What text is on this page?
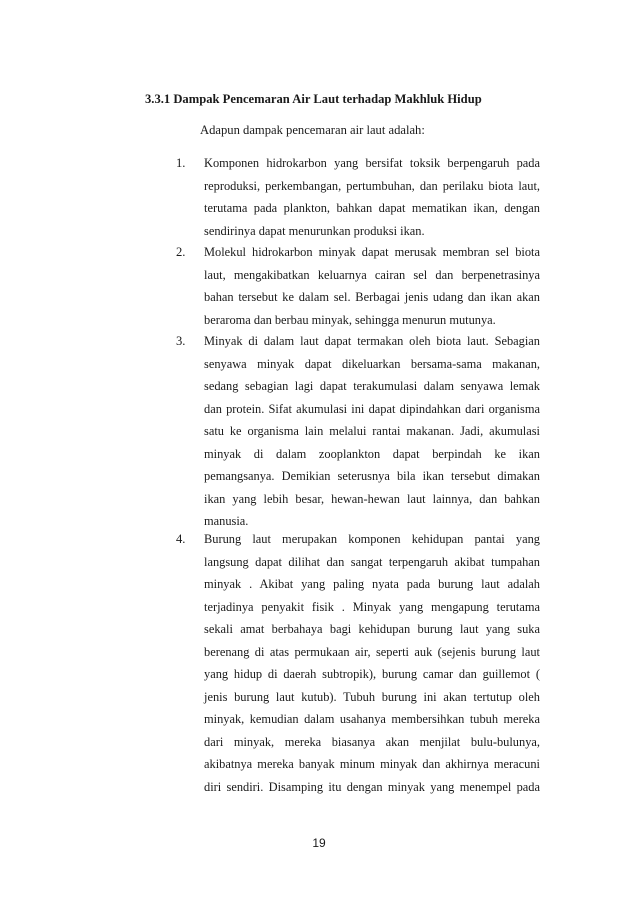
3.3.1 Dampak Pencemaran Air Laut terhadap Makhluk Hidup
Adapun dampak pencemaran air laut adalah:
1. Komponen hidrokarbon yang bersifat toksik berpengaruh pada
reproduksi, perkembangan, pertumbuhan, dan perilaku biota laut,
terutama pada plankton, bahkan dapat mematikan ikan, dengan
sendirinya dapat menurunkan produksi ikan.
2. Molekul hidrokarbon minyak dapat merusak membran sel biota
laut, mengakibatkan keluarnya cairan sel dan berpenetrasinya
bahan tersebut ke dalam sel. Berbagai jenis udang dan ikan akan
beraroma dan berbau minyak, sehingga menurun mutunya.
3. Minyak di dalam laut dapat termakan oleh biota laut. Sebagian
senyawa minyak dapat dikeluarkan bersama-sama makanan,
sedang sebagian lagi dapat terakumulasi dalam senyawa lemak
dan protein. Sifat akumulasi ini dapat dipindahkan dari organisma
satu ke organisma lain melalui rantai makanan. Jadi, akumulasi
minyak di dalam zooplankton dapat berpindah ke ikan
pemangsanya. Demikian seterusnya bila ikan tersebut dimakan
ikan yang lebih besar, hewan-hewan laut lainnya, dan bahkan
manusia.
4. Burung laut merupakan komponen kehidupan pantai yang
langsung dapat dilihat dan sangat terpengaruh akibat tumpahan
minyak . Akibat yang paling nyata pada burung laut adalah
terjadinya penyakit fisik . Minyak yang mengapung terutama
sekali amat berbahaya bagi kehidupan burung laut yang suka
berenang di atas permukaan air, seperti auk (sejenis burung laut
yang hidup di daerah subtropik), burung camar dan guillemot (
jenis burung laut kutub). Tubuh burung ini akan tertutup oleh
minyak, kemudian dalam usahanya membersihkan tubuh mereka
dari minyak, mereka biasanya akan menjilat bulu-bulunya,
akibatnya mereka banyak minum minyak dan akhirnya meracuni
diri sendiri. Disamping itu dengan minyak yang menempel pada
19
